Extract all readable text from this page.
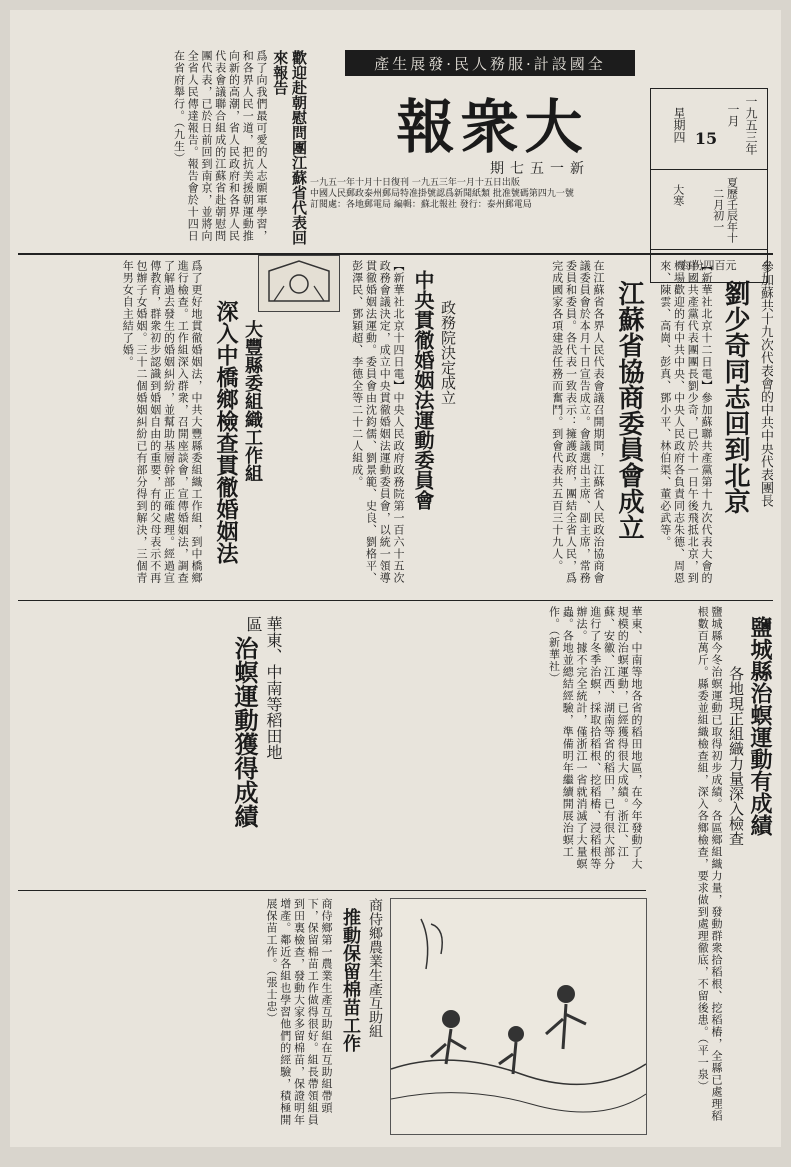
產生展發·民人務服·計設國全
報衆大
期七五一新
一九五一年十月十日復刊 一九五三年一月十五日出版
中國人民郵政泰州郵局特准掛號認爲新聞紙類 批准號碼第四九一號
訂閱處：各地郵電局 編輯：蘇北報社 發行：泰州郵電局
一九五三年
一月
15
星期四
夏歷壬辰年十二月初一
大寒
每份四百元
歡迎赴朝慰問團江蘇省代表回來報告
爲了向我們最可愛的人志願軍學習，和各界人民一道，把抗美援朝運動推向新的高潮，省人民政府和各界人民代表會議聯合組成的江蘇省赴朝慰問團代表，已於日前回到南京，並將向全省人民傳達報告。報告會於十四日在省府舉行。（九生）
參加蘇共十九次代表會的中共中央代表團長
劉少奇同志回到北京
【新華社北京十二日電】參加蘇聯共產黨第十九次代表大會的中國共產黨代表團團長劉少奇，已於十一日午後飛抵北京，到機場歡迎的有中共中央、中央人民政府各負責同志朱德、周恩來、陳雲、高崗、彭真、鄧小平、林伯渠、董必武等。
江蘇省協商委員會成立
在江蘇省各界人民代表會議召開期間，江蘇省人民政治協商會議委員會於本月十日宣告成立。會議選出主席、副主席，常務委員和委員。各代表一致表示：擁護政府，團結全省人民，爲完成國家各項建設任務而奮鬥。到會代表共五百三十九人。
政務院決定成立
中央貫徹婚姻法運動委員會
【新華社北京十四日電】中央人民政府政務院第一百六十五次政務會議決定，成立中央貫徹婚姻法運動委員會，以統一領導貫徹婚姻法運動。委員會由沈鈞儒、劉景範、史良、劉格平、彭澤民、鄧穎超、李德全等二十二人組成。
大豐縣委組織工作組
深入中橋鄉檢查貫徹婚姻法
爲了更好地貫徹婚姻法，中共大豐縣委組織工作組，到中橋鄉進行檢查。工作組深入群衆，召開座談會，宣傳婚姻法，調查了解過去發生的婚姻糾紛，並幫助基層幹部正確處理。經過宣傳教育，群衆初步認識到婚姻自由的重要，有的父母表示不再包辦子女婚姻。三十二個婚姻糾紛已有部分得到解決，三個青年男女自主結了婚。
鹽城縣治螟運動有成績
各地現正組織力量深入檢查
鹽城縣今冬治螟運動已取得初步成績。各區鄉組織力量，發動群衆拾稻根、挖稻樁，全縣已處理稻根數百萬斤。縣委並組織檢查組，深入各鄉檢查，要求做到處理徹底，不留後患。（平一泉）
華東、中南等稻田地區
治螟運動獲得成績	華東、中南等地各省的稻田地區，在今年發動了大規模的治螟運動，已經獲得很大成績。浙江、江蘇、安徽、江西、湖南等省的稻田，已有很大部分進行了冬季治螟，採取拾稻根、挖稻樁、浸稻根等辦法。據不完全統計，僅浙江一省就消滅了大量螟蟲。各地並總結經驗，準備明年繼續開展治螟工作。（新華社）
商侍鄉農業生產互助組
推動保留棉苗工作
商侍鄉第一農業生產互助組在互助組帶頭下，保留棉苗工作做得很好。組長帶領組員到田裏檢查，發動大家多留棉苗，保證明年增產。鄰近各組也學習他們的經驗，積極開展保苗工作。（張士忠）
